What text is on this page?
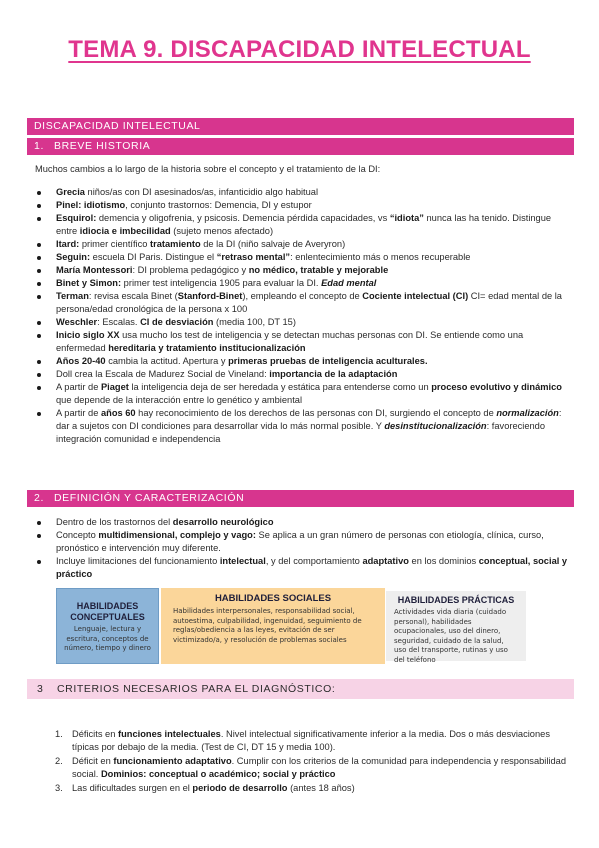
TEMA 9. DISCAPACIDAD INTELECTUAL
DISCAPACIDAD INTELECTUAL
1. BREVE HISTORIA
Muchos cambios a lo largo de la historia sobre el concepto y el tratamiento de la DI:
Grecia niños/as con DI asesinados/as, infanticidio algo habitual
Pinel: idiotismo, conjunto trastornos: Demencia, DI y estupor
Esquirol: demencia y oligofrenia, y psicosis. Demencia pérdida capacidades, vs “idiota” nunca las ha tenido. Distingue entre idiocia e imbecilidad (sujeto menos afectado)
Itard: primer científico tratamiento de la DI (niño salvaje de Averyron)
Seguin: escuela DI Paris. Distingue el “retraso mental”: enlentecimiento más o menos recuperable
María Montessori: DI problema pedagógico y no médico, tratable y mejorable
Binet y Simon: primer test inteligencia 1905 para evaluar la DI. Edad mental
Terman: revisa escala Binet (Stanford-Binet), empleando el concepto de Cociente intelectual (CI) CI= edad mental de la persona/edad cronológica de la persona x 100
Weschler: Escalas. CI de desviación (media 100, DT 15)
Inicio siglo XX usa mucho los test de inteligencia y se detectan muchas personas con DI. Se entiende como una enfermedad hereditaria y tratamiento institucionalización
Años 20-40 cambia la actitud. Apertura y primeras pruebas de inteligencia aculturales.
Doll crea la Escala de Madurez Social de Vineland: importancia de la adaptación
A partir de Piaget la inteligencia deja de ser heredada y estática para entenderse como un proceso evolutivo y dinámico que depende de la interacción entre lo genético y ambiental
A partir de años 60 hay reconocimiento de los derechos de las personas con DI, surgiendo el concepto de normalización: dar a sujetos con DI condiciones para desarrollar vida lo más normal posible. Y desinstitucionalización: favoreciendo integración comunidad e independencia
2. DEFINICIÓN Y CARACTERIZACIÓN
Dentro de los trastornos del desarrollo neurológico
Concepto multidimensional, complejo y vago: Se aplica a un gran número de personas con etiología, clínica, curso, pronóstico e intervención muy diferente.
Incluye limitaciones del funcionamiento intelectual, y del comportamiento adaptativo en los dominios conceptual, social y práctico
HABILIDADES CONCEPTUALES

Lenguaje, lectura y escritura, conceptos de número, tiempo y dinero

HABILIDADES SOCIALES

Habilidades interpersonales, responsabilidad social, autoestima, culpabilidad, ingenuidad, seguimiento de reglas/obediencia a las leyes, evitación de ser victimizado/a, y resolución de problemas sociales

HABILIDADES PRÁCTICAS

Actividades vida diaria (cuidado personal), habilidades ocupacionales, uso del dinero, seguridad, cuidado de la salud, uso del transporte, rutinas y uso del teléfono

3 CRITERIOS NECESARIOS PARA EL DIAGNÓSTICO:
1. Déficits en funciones intelectuales. Nivel intelectual significativamente inferior a la media. Dos o más desviaciones típicas por debajo de la media. (Test de CI, DT 15 y media 100).
2. Déficit en funcionamiento adaptativo. Cumplir con los criterios de la comunidad para independencia y responsabilidad social. Dominios: conceptual o académico; social y práctico
3. Las dificultades surgen en el periodo de desarrollo (antes 18 años)
